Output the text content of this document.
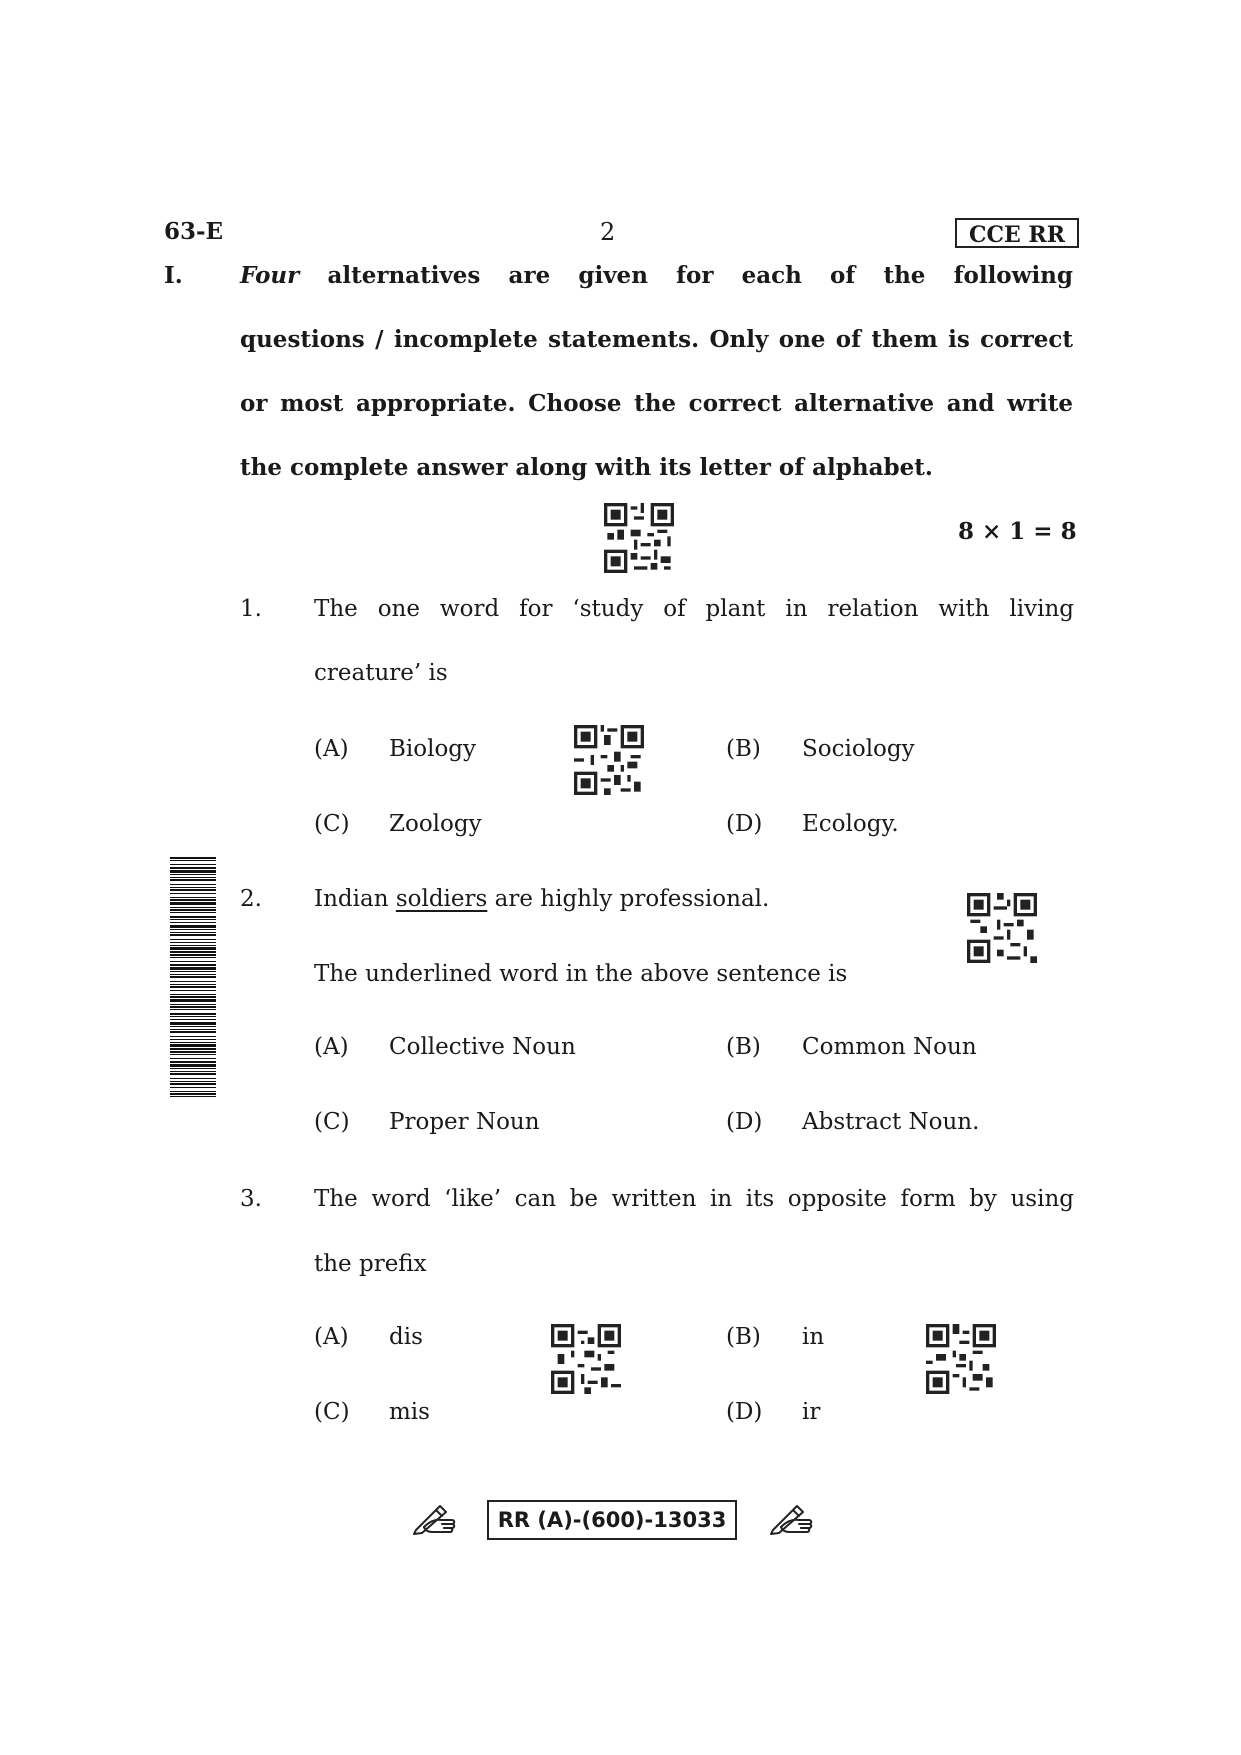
63-E	2	CCE RR
I. Four alternatives are given for each of the following
questions / incomplete statements. Only one of them is correct
or most appropriate. Choose the correct alternative and write
the complete answer along with its letter of alphabet.
8 × 1 = 8
1. The one word for ‘study of plant in relation with living
creature’ is
(A) Biology	(B) Sociology
(C) Zoology	(D) Ecology.
2. Indian soldiers are highly professional.
The underlined word in the above sentence is
(A) Collective Noun	(B) Common Noun
(C) Proper Noun	(D) Abstract Noun.
3. The word ‘like’ can be written in its opposite form by using
the prefix
(A) dis	(B) in
(C) mis	(D) ir
RR (A)-(600)-13033
